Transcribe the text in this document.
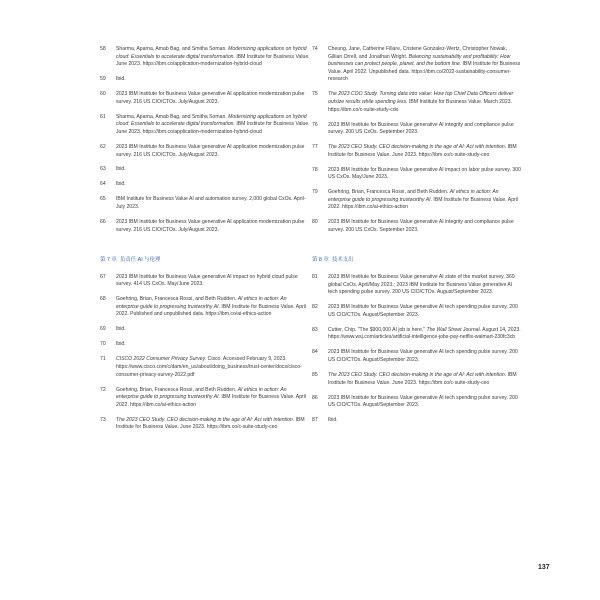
58	Sharma, Aparna, Amab Bag, and Smitha Soman. Modernizing applications on hybrid cloud: Essentials to accelerate digital transformation. IBM Institute for Business Value. June 2023. https://ibm.co/application-modernization-hybrid-cloud
59	Ibid.
60	2023 IBM Institute for Business Value generative AI application modernization pulse survey. 216 US CIO/CTOs. July/August 2023.
61	Sharma, Aparna, Amab Bag, and Smitha Soman. Modernizing applications on hybrid cloud: Essentials to accelerate digital transformation. IBM Institute for Business Value. June 2023. https://ibm.co/application-modernization-hybrid-cloud
62	2023 IBM Institute for Business Value generative AI application modernization pulse survey. 216 US CIO/CTOs. July/August 2023.
63	Ibid.
64	Ibid.
65	IBM Institute for Business Value AI and automation survey. 2,000 global CxOs. April-July 2023.
66	2023 IBM Institute for Business Value generative AI application modernization pulse survey. 216 US CIO/CTOs. July/August 2023.
第 7 章 负责任 AI 与伦理
67	2023 IBM Institute for Business Value generative AI impact on hybrid cloud pulse survey. 414 US CxOs. May/June 2023.
68	Goehring, Brian, Francesca Rossi, and Beth Rudden. AI ethics in action: An enterprise guide to progressing trustworthy AI. IBM Institute for Business Value. April 2022. Published and unpublished data. https://ibm.co/ai-ethics-action
69	Ibid.
70	Ibid.
71	CISCO 2022 Consumer Privacy Survey. Cisco. Accessed February 9, 2023. https://www.cisco.com/c/dam/en_us/about/doing_business/trust-center/docs/cisco-consumer-privacy-survey-2022.pdf
72	Goehring, Brian, Francesca Rossi, and Beth Rudden. AI ethics in action: An enterprise guide to progressing trustworthy AI. IBM Institute for Business Value. April 2022. https://ibm.co/ai-ethics-action
73	The 2023 CEO Study. CEO decision-making in the age of AI: Act with intention. IBM Institute for Business Value. June 2023. https://ibm.co/c-suite-study-ceo
74	Cheung, Jane, Catherine Fillare, Cristene Gonzalez-Wertz, Christopher Nowak, Gillian Orrell, and Jonathan Wright. Balancing sustainability and profitability: How businesses can protect people, planet, and the bottom line. IBM Institute for Business Value. April 2022. Unpublished data. https://ibm.co/2022-sustainability-consumer-research
75	The 2023 COO Study. Turning data into value: How top Chief Data Officers deliver outsize results while spending less. IBM Institute for Business Value. March 2023. https://ibm.co/c-suite-study-cdo
76	2023 IBM Institute for Business Value generative AI integrity and compliance pulse survey. 200 US CxOs. September 2023.
77	The 2023 CEO Study. CEO decision-making in the age of AI: Act with intention. IBM Institute for Business Value. June 2023. https://ibm.co/c-suite-study-ceo
78	2023 IBM Institute for Business Value generative AI impact on labor pulse survey. 300 US CxOs. May/June 2023.
79	Goehring, Brian, Francesca Rossi, and Beth Rudden. AI ethics in action: An enterprise guide to progressing trustworthy AI. IBM Institute for Business Value. April 2022. https://ibm.co/ai-ethics-action
80	2023 IBM Institute for Business Value generative AI integrity and compliance pulse survey. 200 US CxOs. September 2023.
第 8 章 技术支出
81	2023 IBM Institute for Business Value generative AI state of the market survey. 369 global CxOs. April/May 2023.; 2023 IBM Institute for Business Value generative AI tech spending pulse survey. 200 US CIO/CTOs. August/September 2023.
82	2023 IBM Institute for Business Value generative AI tech spending pulse survey. 200 US CIO/CTOs. August/September 2023.
83	Cutter, Chip. "The $900,000 AI job is here." The Wall Street Journal. August 14, 2023. https://www.wsj.com/articles/artificial-intelligence-jobs-pay-netflix-walmart-230fc3cb
84	2023 IBM Institute for Business Value generative AI tech spending pulse survey. 200 US CIO/CTOs. August/September 2023.
85	The 2023 CEO Study. CEO decision-making in the age of AI: Act with intention. IBM Institute for Business Value. June 2023. https://ibm.co/c-suite-study-ceo
86	2023 IBM Institute for Business Value generative AI tech spending pulse survey. 200 US CIO/CTOs. August/September 2023.
87	Ibid.
137
